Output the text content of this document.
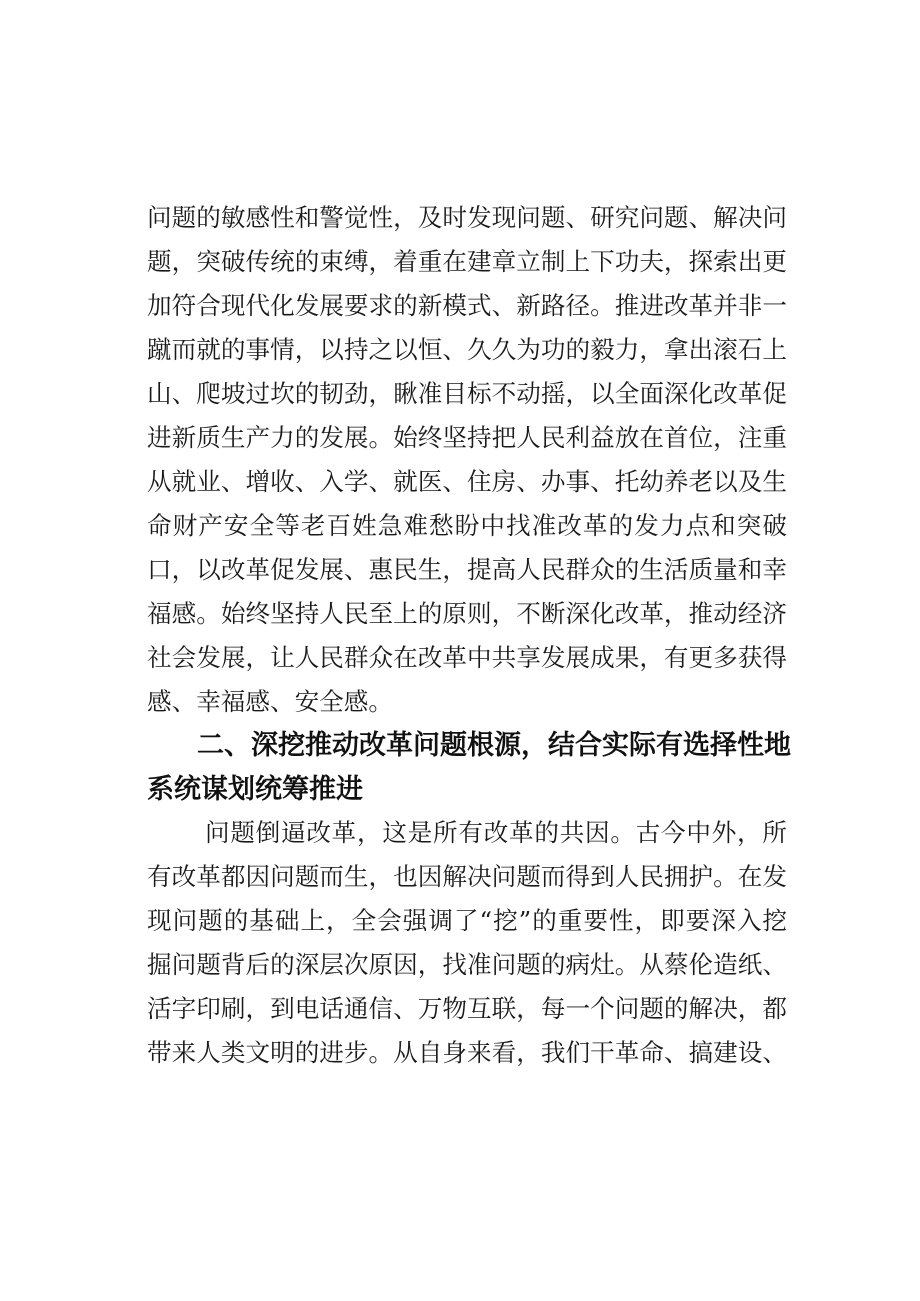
问题的敏感性和警觉性，及时发现问题、研究问题、解决问
题，突破传统的束缚，着重在建章立制上下功夫，探索出更
加符合现代化发展要求的新模式、新路径。推进改革并非一
蹴而就的事情，以持之以恒、久久为功的毅力，拿出滚石上
山、爬坡过坎的韧劲，瞅准目标不动摇，以全面深化改革促
进新质生产力的发展。始终坚持把人民利益放在首位，注重
从就业、增收、入学、就医、住房、办事、托幼养老以及生
命财产安全等老百姓急难愁盼中找准改革的发力点和突破
口，以改革促发展、惠民生，提高人民群众的生活质量和幸
福感。始终坚持人民至上的原则，不断深化改革，推动经济
社会发展，让人民群众在改革中共享发展成果，有更多获得
感、幸福感、安全感。
二、深挖推动改革问题根源，结合实际有选择性地
系统谋划统筹推进
问题倒逼改革，这是所有改革的共因。古今中外，所
有改革都因问题而生，也因解决问题而得到人民拥护。在发
现问题的基础上，全会强调了“挖”的重要性，即要深入挖
掘问题背后的深层次原因，找准问题的病灶。从蔡伦造纸、
活字印刷，到电话通信、万物互联，每一个问题的解决，都
带来人类文明的进步。从自身来看，我们干革命、搞建设、
